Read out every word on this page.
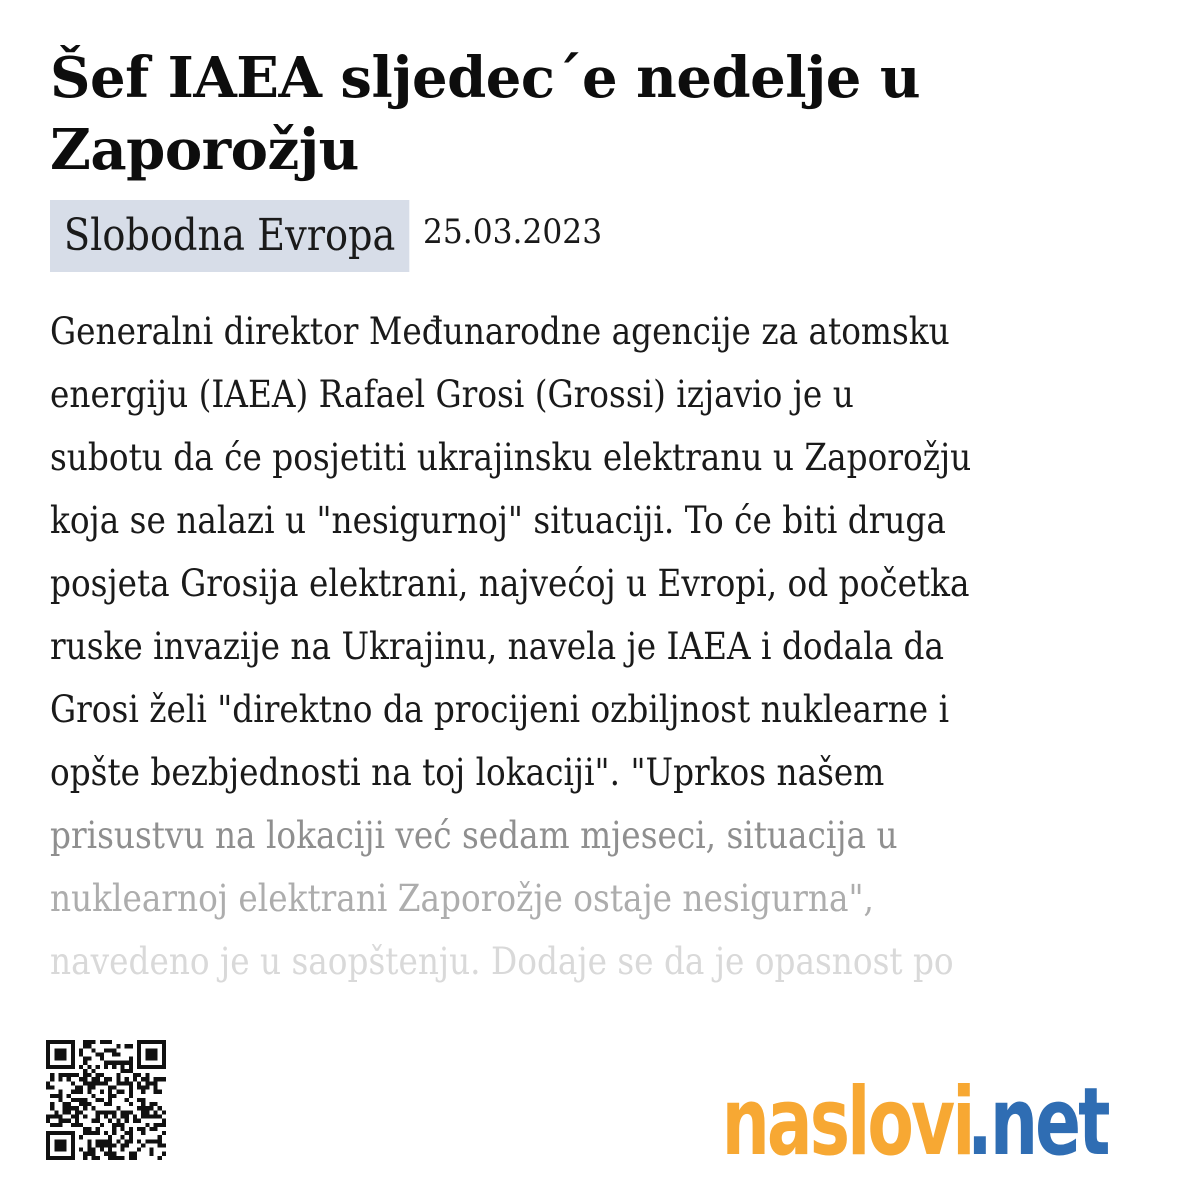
Šef IAEA sljedec´e nedelje u Zaporožju
Slobodna Evropa 25.03.2023
Generalni direktor Međunarodne agencije za atomsku
energiju (IAEA) Rafael Grosi (Grossi) izjavio je u
subotu da će posjetiti ukrajinsku elektranu u Zaporožju
koja se nalazi u "nesigurnoj" situaciji. To će biti druga
posjeta Grosija elektrani, najvećoj u Evropi, od početka
ruske invazije na Ukrajinu, navela je IAEA i dodala da
Grosi želi "direktno da procijeni ozbiljnost nuklearne i
opšte bezbjednosti na toj lokaciji". "Uprkos našem
prisustvu na lokaciji već sedam mjeseci, situacija u
nuklearnoj elektrani Zaporožje ostaje nesigurna",
navedeno je u saopštenju. Dodaje se da je opasnost po
naslovi
.net
